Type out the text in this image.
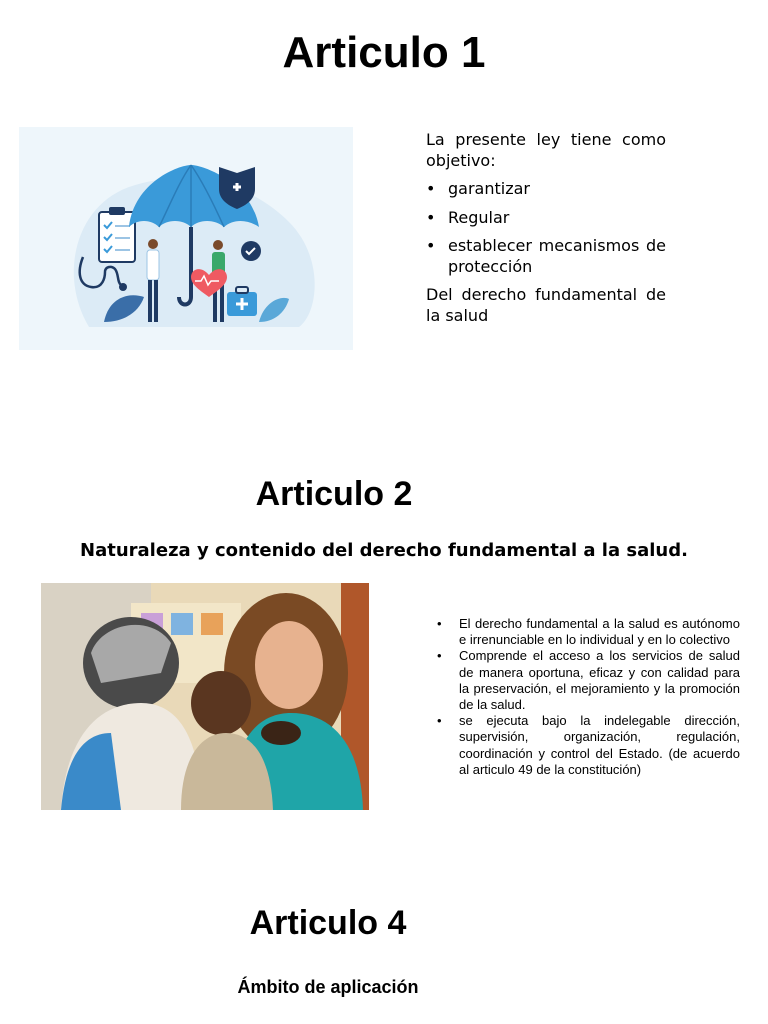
Articulo 1
La presente ley tiene como objetivo:
• garantizar
• Regular
• establecer mecanismos de protección
Del derecho fundamental de la salud
Articulo 2
Naturaleza y contenido del derecho fundamental a la salud.
• El derecho fundamental a la salud es autónomo e irrenunciable en lo individual y en lo colectivo
• Comprende el acceso a los servicios de salud de manera oportuna, eficaz y con calidad para la preservación, el mejoramiento y la promoción de la salud.
• se ejecuta bajo la indelegable dirección, supervisión, organización, regulación, coordinación y control del Estado. (de acuerdo al articulo 49 de la constitución)
Articulo 4
Ámbito de aplicación
